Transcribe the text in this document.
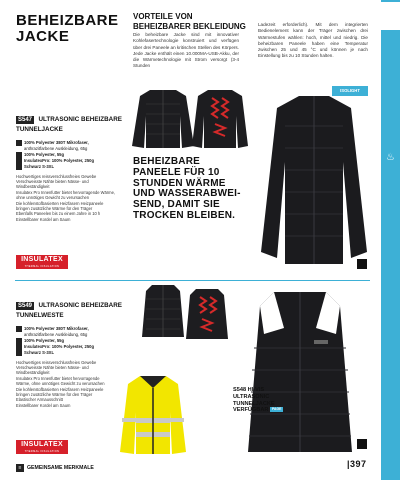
♨
BEHEIZBARE
JACKE
VORTEILE VON
BEHEIZBARER BEKLEIDUNG
Die beheizbare Jacke sind mit innovativer Kohlefasertechnologie konstruiert und verfügen über drei Paneele an kritischen Stellen des Körpers. Jede Jacke enthält einen 10.000MA-USB-Akku, der die Wärmetechnologie mit Strom versorgt (3-4 Stunden
Ladezeit erforderlich). Mit dem integrierten Bedienelement kann der Träger zwischen drei Wärmestufen wählen: hoch, mittel und niedrig. Die beheizbaren Paneele haben eine Temperatur zwischen 25 und 45 °C und können je nach Einstellung bis zu 10 Stunden halten.
ISOLIGHT
S547 ULTRASONIC BEHEIZBARE
TUNNELJACKE
100% Polyester 380T Mikrofaser,
anthrazitfarbene Auskleidung, 65g
100% Polyester, 55g
InsulatexPro: 100% Polyester, 250g
Schwarz S-3XL
Hochwertiges reissverschlussfreies Gewebe
Verschweisste Nähte bieten Nässe- und
Windbeständigkeit
Insulatex Pro Innenfutter bietet hervorragende Wärme,
ohne unnötiges Gewicht zu verursachen
Die kohlenstofbasierten Heizfasern Heizpaneele
bringen zusätzliche Wärme für den Träger
Ebenfalls Paneelen bis zu einem Jahre in 10 h
Einstellbarer Kordel am Saum
INSULATEX
THERMAL INSULATION
BEHEIZBARE
PANEELE FÜR 10
STUNDEN WÄRME
UND WASSERABWEI-
SEND, DAMIT SIE
TROCKEN BLEIBEN.
S549 ULTRASONIC BEHEIZBARE
TUNNELWESTE
100% Polyester 380T Mikrofaser,
anthrazitfarbene Auskleidung, 65g
100% Polyester, 55g
InsulatexPro: 100% Polyester, 250g
Schwarz S-3XL
Hochwertiges reissverschlussfreies Gewebe
Verschweisste Nähte bieten Nässe- und
Windbeständigkeit
Insulatex Pro Innenfutter bietet hervorragende
Wärme, ohne unnötiges Gewicht zu verursachen
Die kohlenstofbasierten Heizfasern Heizpaneele
bringen zusätzliche Wärme für den Träger
Elastischer Armausschnitt
Einstellbarer Kordel am Saum
S548 HI-VIS
ULTRASONIC
TUNNELJACKE
VERFÜGBAR PAGE
INSULATEX
THERMAL INSULATION
≡	GEMEINSAME MERKMALE	|397
